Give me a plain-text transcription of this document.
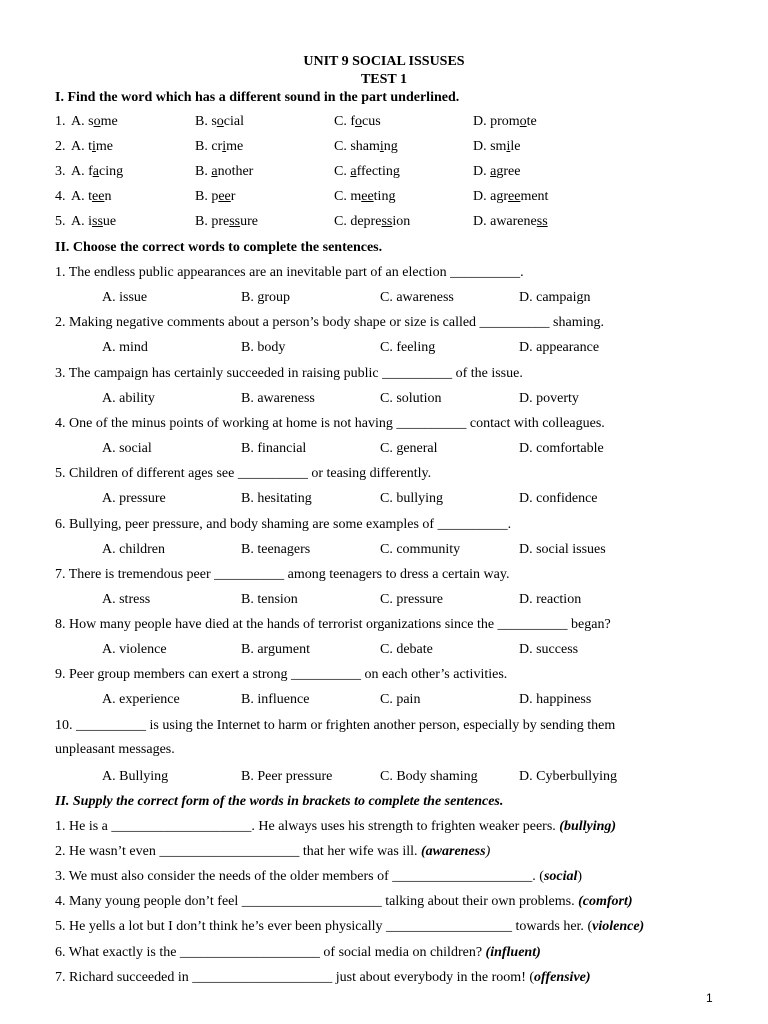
UNIT 9 SOCIAL ISSUSES
TEST 1
I. Find the word which has a different sound in the part underlined.
1. A. some	B. social	C. focus	D. promote
2. A. time	B. crime	C. shaming	D. smile
3. A. facing	B. another	C. affecting	D. agree
4. A. teen	B. peer	C. meeting	D. agreement
5. A. issue	B. pressure	C. depression	D. awareness
II. Choose the correct words to complete the sentences.
1. The endless public appearances are an inevitable part of an election __________.
A. issue	B. group	C. awareness	D. campaign
2. Making negative comments about a person’s body shape or size is called __________ shaming.
A. mind	B. body	C. feeling	D. appearance
3. The campaign has certainly succeeded in raising public __________ of the issue.
A. ability	B. awareness	C. solution	D. poverty
4. One of the minus points of working at home is not having __________ contact with colleagues.
A. social	B. financial	C. general	D. comfortable
5. Children of different ages see __________ or teasing differently.
A. pressure	B. hesitating	C. bullying	D. confidence
6. Bullying, peer pressure, and body shaming are some examples of __________.
A. children	B. teenagers	C. community	D. social issues
7. There is tremendous peer __________ among teenagers to dress a certain way.
A. stress	B. tension	C. pressure	D. reaction
8. How many people have died at the hands of terrorist organizations since the __________ began?
A. violence	B. argument	C. debate	D. success
9. Peer group members can exert a strong __________ on each other’s activities.
A. experience	B. influence	C. pain	D. happiness
10. __________ is using the Internet to harm or frighten another person, especially by sending them
unpleasant messages.
A. Bullying	B. Peer pressure	C. Body shaming	D. Cyberbullying
II. Supply the correct form of the words in brackets to complete the sentences.
1. He is a ____________________. He always uses his strength to frighten weaker peers. (bullying)
2. He wasn’t even ____________________ that her wife was ill. (awareness)
3. We must also consider the needs of the older members of ____________________. (social)
4. Many young people don’t feel ____________________ talking about their own problems. (comfort)
5. He yells a lot but I don’t think he’s ever been physically __________________ towards her. (violence)
6. What exactly is the ____________________ of social media on children? (influent)
7. Richard succeeded in ____________________ just about everybody in the room! (offensive)
1
